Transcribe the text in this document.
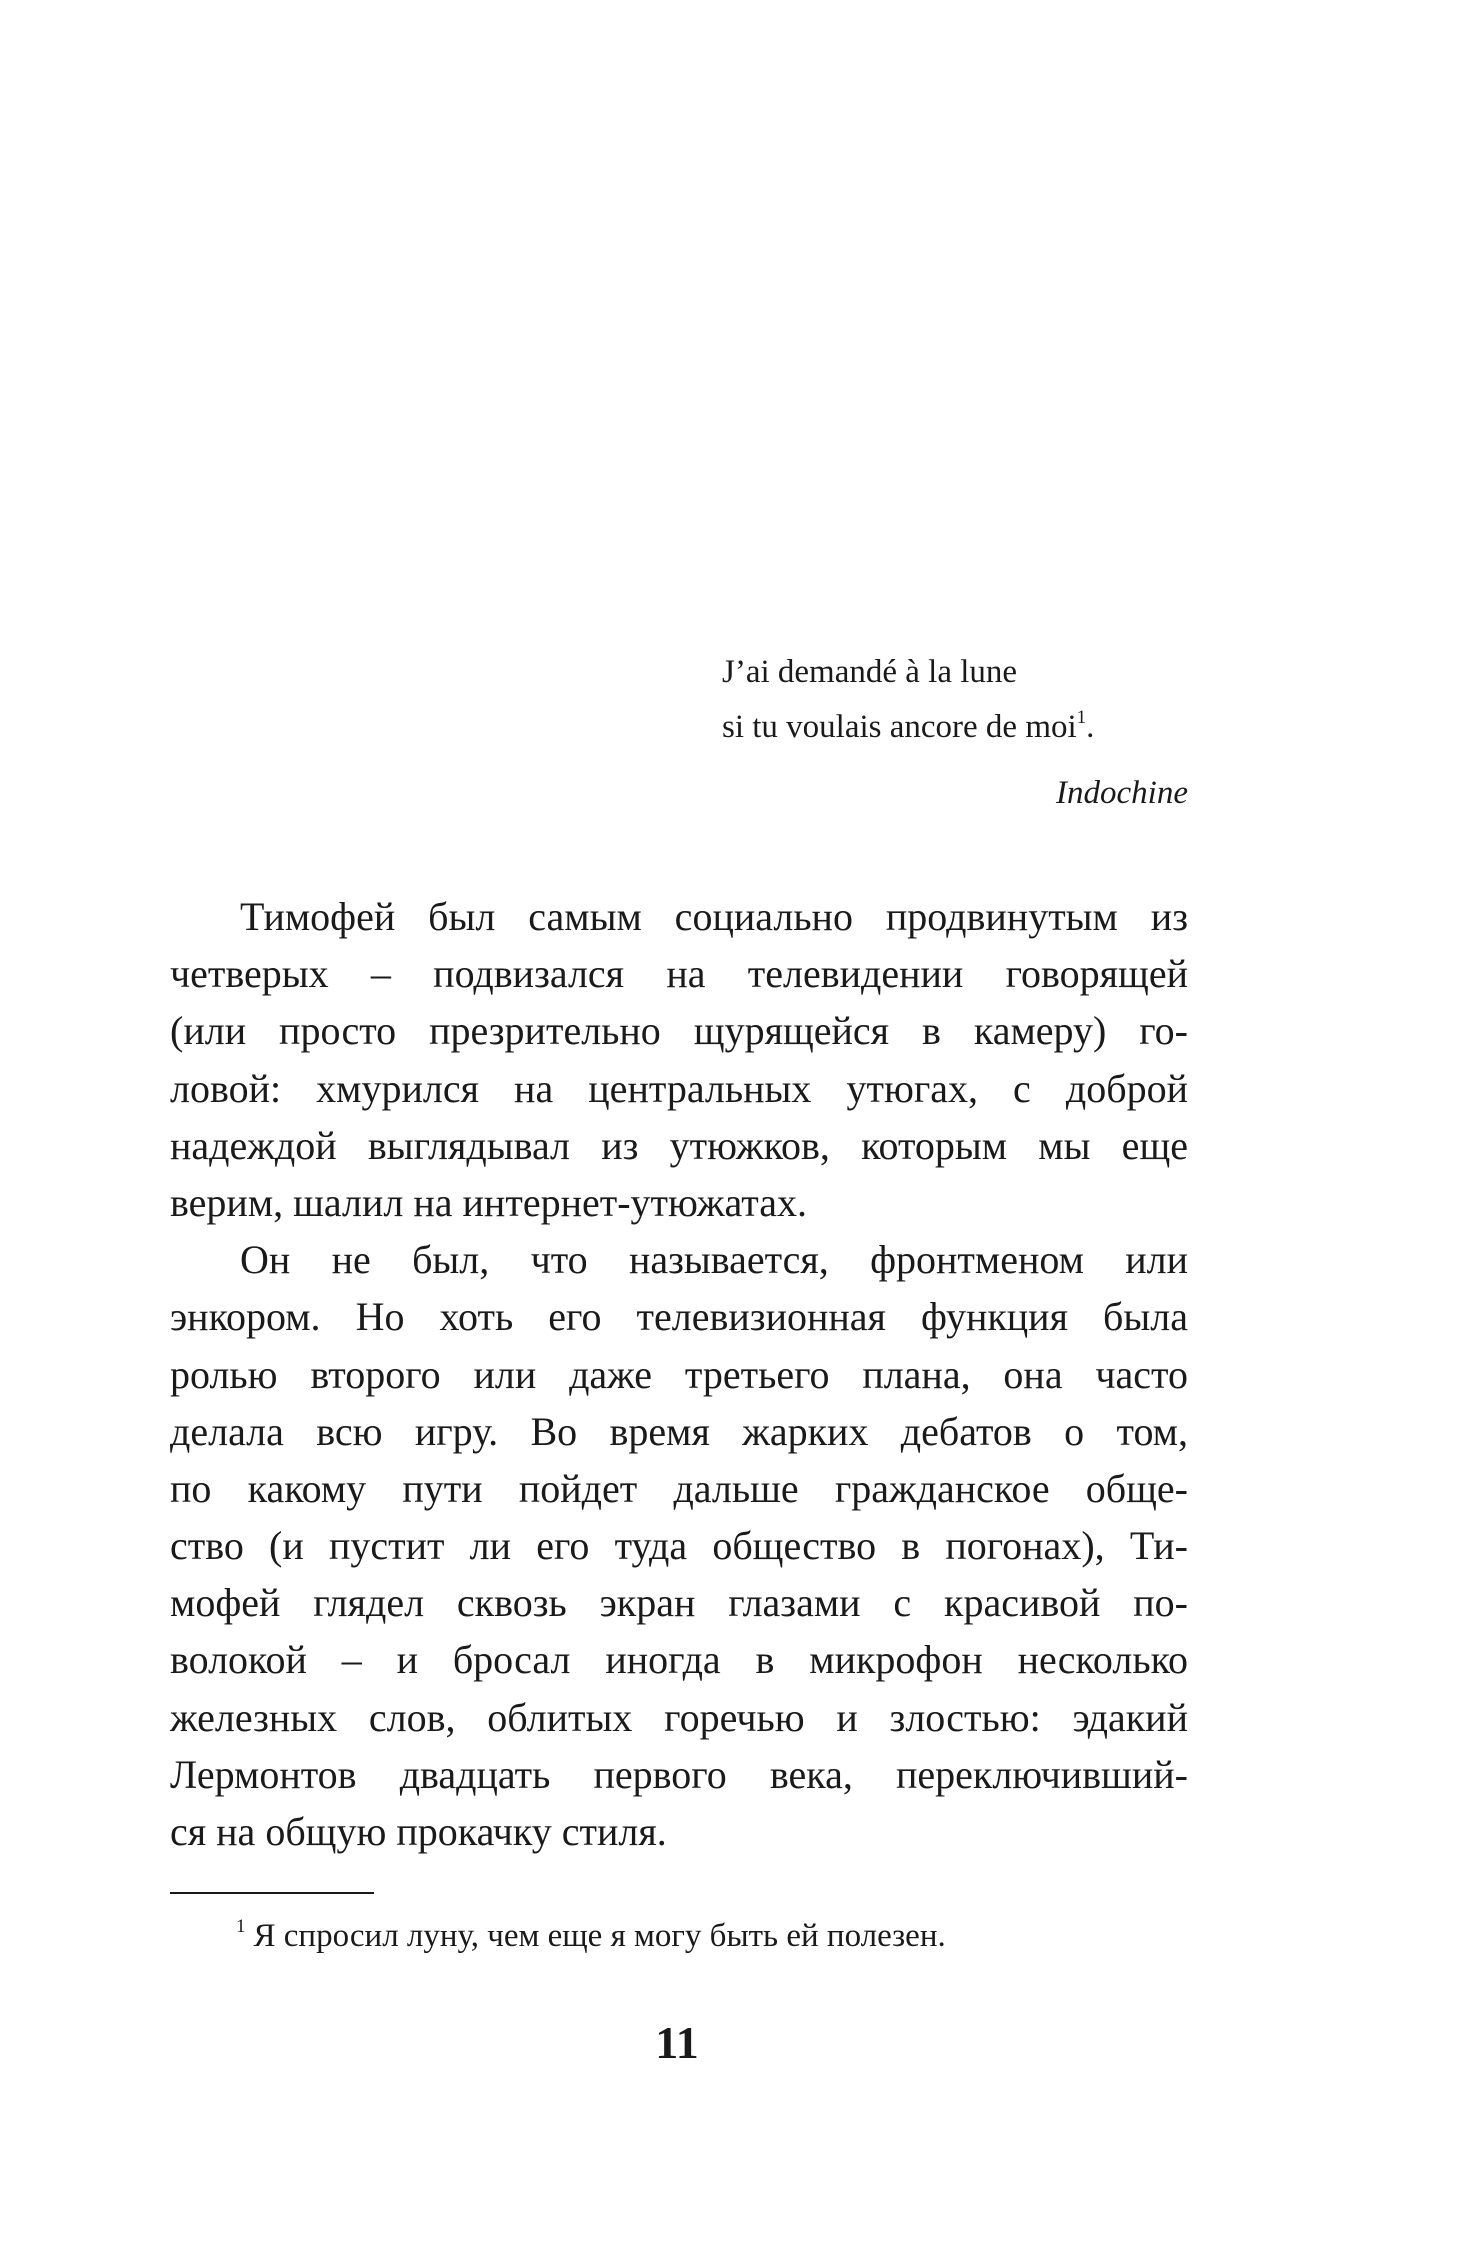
J’ai demandé à la lune
si tu voulais ancore de moi$^1$.
Indochine
Тимофей был самым социально продвинутым из
четверых – подвизался на телевидении говорящей
(или просто презрительно щурящейся в камеру) го-
ловой: хмурился на центральных утюгах, с доброй
надеждой выглядывал из утюжков, которым мы еще
верим, шалил на интернет-утюжатах.
Он не был, что называется, фронтменом или
энкором. Но хоть его телевизионная функция была
ролью второго или даже третьего плана, она часто
делала всю игру. Во время жарких дебатов о том,
по какому пути пойдет дальше гражданское обще-
ство (и пустит ли его туда общество в погонах), Ти-
мофей глядел сквозь экран глазами с красивой по-
волокой – и бросал иногда в микрофон несколько
железных слов, облитых горечью и злостью: эдакий
Лермонтов двадцать первого века, переключивший-
ся на общую прокачку стиля.
$^1$ Я спросил луну, чем еще я могу быть ей полезен.
11
